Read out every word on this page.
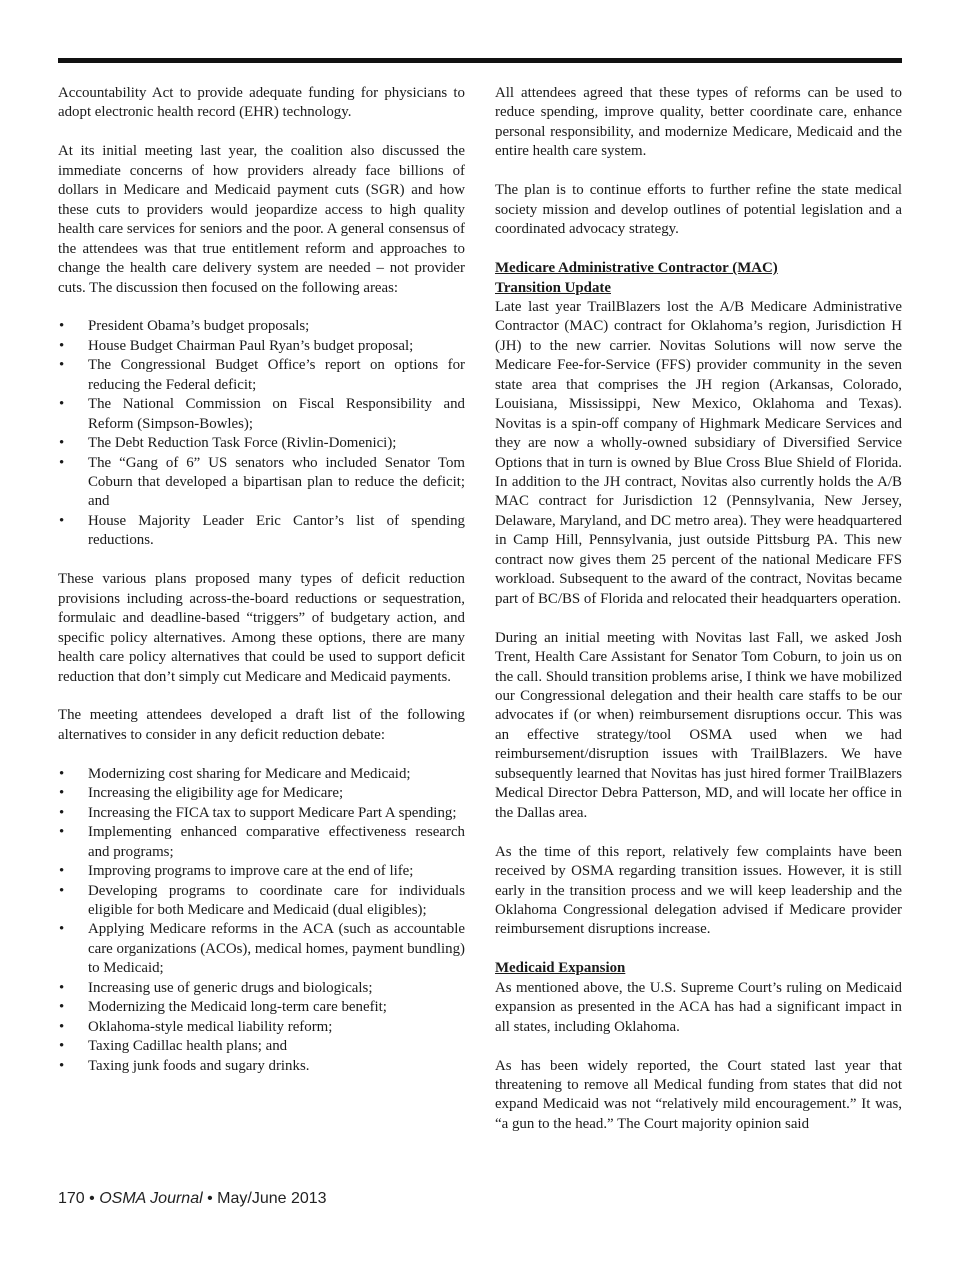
Accountability Act to provide adequate funding for physicians to adopt electronic health record (EHR) technology.

At its initial meeting last year, the coalition also discussed the immediate concerns of how providers already face billions of dollars in Medicare and Medicaid payment cuts (SGR) and how these cuts to providers would jeopardize access to high quality health care services for seniors and the poor. A general consensus of the attendees was that true entitlement reform and approaches to change the health care delivery system are needed – not provider cuts. The discussion then focused on the following areas:

• President Obama’s budget proposals;
• House Budget Chairman Paul Ryan’s budget proposal;
• The Congressional Budget Office’s report on options for reducing the Federal deficit;
• The National Commission on Fiscal Responsibility and Reform (Simpson-Bowles);
• The Debt Reduction Task Force (Rivlin-Domenici);
• The “Gang of 6” US senators who included Senator Tom Coburn that developed a bipartisan plan to reduce the deficit; and
• House Majority Leader Eric Cantor’s list of spending reductions.

These various plans proposed many types of deficit reduction provisions including across-the-board reductions or sequestration, formulaic and deadline-based “triggers” of budgetary action, and specific policy alternatives. Among these options, there are many health care policy alternatives that could be used to support deficit reduction that don’t simply cut Medicare and Medicaid payments.

The meeting attendees developed a draft list of the following alternatives to consider in any deficit reduction debate:

• Modernizing cost sharing for Medicare and Medicaid;
• Increasing the eligibility age for Medicare;
• Increasing the FICA tax to support Medicare Part A spending;
• Implementing enhanced comparative effectiveness research and programs;
• Improving programs to improve care at the end of life;
• Developing programs to coordinate care for individuals eligible for both Medicare and Medicaid (dual eligibles);
• Applying Medicare reforms in the ACA (such as accountable care organizations (ACOs), medical homes, payment bundling) to Medicaid;
• Increasing use of generic drugs and biologicals;
• Modernizing the Medicaid long-term care benefit;
• Oklahoma-style medical liability reform;
• Taxing Cadillac health plans; and
• Taxing junk foods and sugary drinks.

All attendees agreed that these types of reforms can be used to reduce spending, improve quality, better coordinate care, enhance personal responsibility, and modernize Medicare, Medicaid and the entire health care system.

The plan is to continue efforts to further refine the state medical society mission and develop outlines of potential legislation and a coordinated advocacy strategy.

Medicare Administrative Contractor (MAC)
Transition Update

Late last year TrailBlazers lost the A/B Medicare Administrative Contractor (MAC) contract for Oklahoma’s region, Jurisdiction H (JH) to the new carrier. Novitas Solutions will now serve the Medicare Fee-for-Service (FFS) provider community in the seven state area that comprises the JH region (Arkansas, Colorado, Louisiana, Mississippi, New Mexico, Oklahoma and Texas). Novitas is a spin-off company of Highmark Medicare Services and they are now a wholly-owned subsidiary of Diversified Service Options that in turn is owned by Blue Cross Blue Shield of Florida. In addition to the JH contract, Novitas also currently holds the A/B MAC contract for Jurisdiction 12 (Pennsylvania, New Jersey, Delaware, Maryland, and DC metro area). They were headquartered in Camp Hill, Pennsylvania, just outside Pittsburg PA. This new contract now gives them 25 percent of the national Medicare FFS workload. Subsequent to the award of the contract, Novitas became part of BC/BS of Florida and relocated their headquarters operation.

During an initial meeting with Novitas last Fall, we asked Josh Trent, Health Care Assistant for Senator Tom Coburn, to join us on the call. Should transition problems arise, I think we have mobilized our Congressional delegation and their health care staffs to be our advocates if (or when) reimbursement disruptions occur. This was an effective strategy/tool OSMA used when we had reimbursement/disruption issues with TrailBlazers. We have subsequently learned that Novitas has just hired former TrailBlazers Medical Director Debra Patterson, MD, and will locate her office in the Dallas area.

As the time of this report, relatively few complaints have been received by OSMA regarding transition issues. However, it is still early in the transition process and we will keep leadership and the Oklahoma Congressional delegation advised if Medicare provider reimbursement disruptions increase.

Medicaid Expansion

As mentioned above, the U.S. Supreme Court’s ruling on Medicaid expansion as presented in the ACA has had a significant impact in all states, including Oklahoma.

As has been widely reported, the Court stated last year that threatening to remove all Medical funding from states that did not expand Medicaid was not “relatively mild encouragement.” It was, “a gun to the head.” The Court majority opinion said

170 • OSMA Journal • May/June 2013
